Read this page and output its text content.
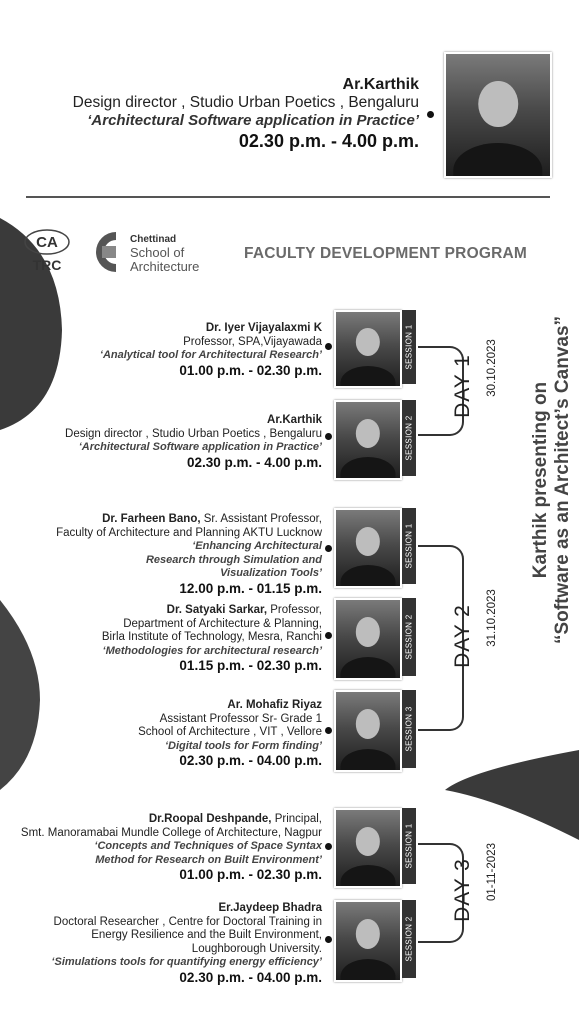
Ar.Karthik
Design director , Studio Urban Poetics , Bengaluru
‘Architectural Software application in Practice’
02.30 p.m. - 4.00 p.m.
CA
TRC
Chettinad
School of
Architecture
FACULTY DEVELOPMENT PROGRAM
Karthik presenting on “Software as an Architect’s Canvas”
Dr. Iyer Vijayalaxmi K
Professor, SPA,Vijayawada
‘Analytical tool for Architectural Research’
01.00 p.m. - 02.30 p.m.
SESSION 1
Ar.Karthik
Design director , Studio Urban Poetics , Bengaluru
‘Architectural Software application in Practice’
02.30 p.m. - 4.00 p.m.
SESSION 2
DAY 1	30.10.2023
Dr. Farheen Bano, Sr. Assistant Professor,
Faculty of Architecture and Planning AKTU Lucknow
‘Enhancing Architectural Research through Simulation and Visualization Tools’
12.00 p.m. - 01.15 p.m.
SESSION 1
Dr. Satyaki Sarkar, Professor,
Department of Architecture & Planning,
Birla Institute of Technology, Mesra, Ranchi
‘Methodologies for architectural research’
01.15 p.m. - 02.30 p.m.
SESSION 2
Ar. Mohafiz Riyaz
Assistant Professor Sr- Grade 1
School of Architecture , VIT , Vellore
‘Digital tools for Form finding’
02.30 p.m. - 04.00 p.m.
SESSION 3
DAY 2	31.10.2023
Dr.Roopal Deshpande, Principal,
Smt. Manoramabai Mundle College of Architecture, Nagpur
‘Concepts and Techniques of Space Syntax Method for Research on Built Environment’
01.00 p.m. - 02.30 p.m.
SESSION 1
Er.Jaydeep Bhadra
Doctoral Researcher , Centre for Doctoral Training in
Energy Resilience and the Built Environment,
Loughborough University.
‘Simulations tools for quantifying energy efficiency’
02.30 p.m. - 04.00 p.m.
SESSION 2
DAY 3	01-11-2023
